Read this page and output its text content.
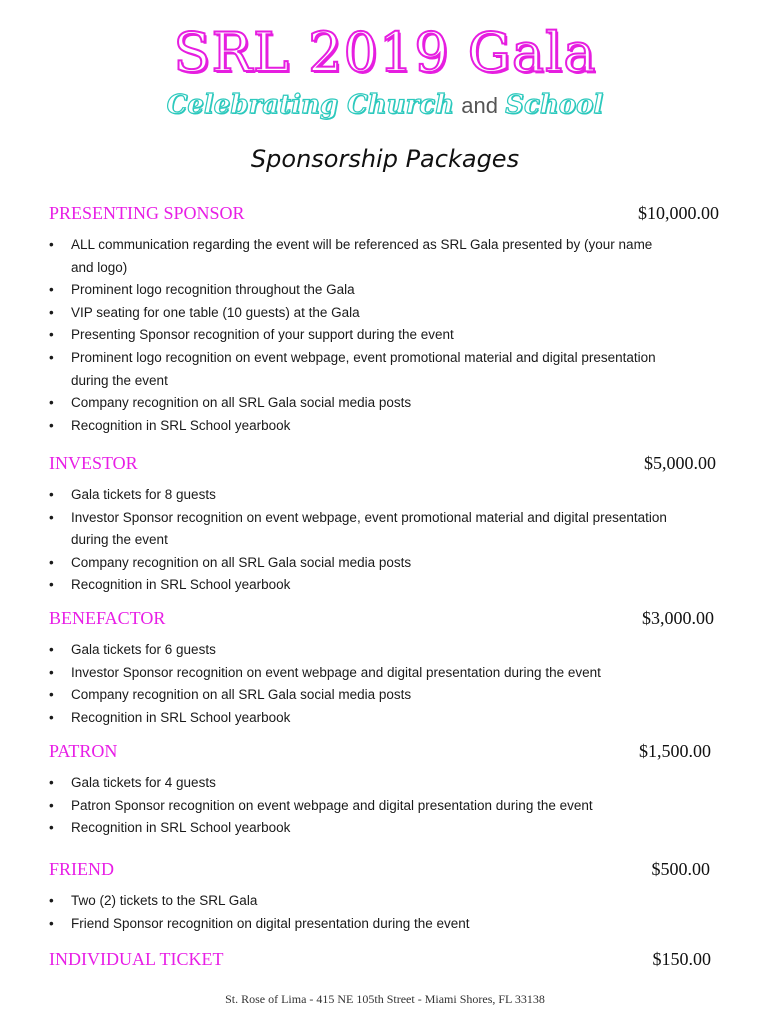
SRL 2019 Gala
Celebrating Church and School
Sponsorship Packages
PRESENTING SPONSOR	$10,000.00
• ALL communication regarding the event will be referenced as SRL Gala presented by (your name and logo)
• Prominent logo recognition throughout the Gala
• VIP seating for one table (10 guests) at the Gala
• Presenting Sponsor recognition of your support during the event
• Prominent logo recognition on event webpage, event promotional material and digital presentation during the event
• Company recognition on all SRL Gala social media posts
• Recognition in SRL School yearbook
INVESTOR	$5,000.00
• Gala tickets for 8 guests
• Investor Sponsor recognition on event webpage, event promotional material and digital presentation during the event
• Company recognition on all SRL Gala social media posts
• Recognition in SRL School yearbook
BENEFACTOR	$3,000.00
• Gala tickets for 6 guests
• Investor Sponsor recognition on event webpage and digital presentation during the event
• Company recognition on all SRL Gala social media posts
• Recognition in SRL School yearbook
PATRON	$1,500.00
• Gala tickets for 4 guests
• Patron Sponsor recognition on event webpage and digital presentation during the event
• Recognition in SRL School yearbook
FRIEND	$500.00
• Two (2) tickets to the SRL Gala
• Friend Sponsor recognition on digital presentation during the event
INDIVIDUAL TICKET	$150.00
St. Rose of Lima - 415 NE 105th Street - Miami Shores, FL 33138
